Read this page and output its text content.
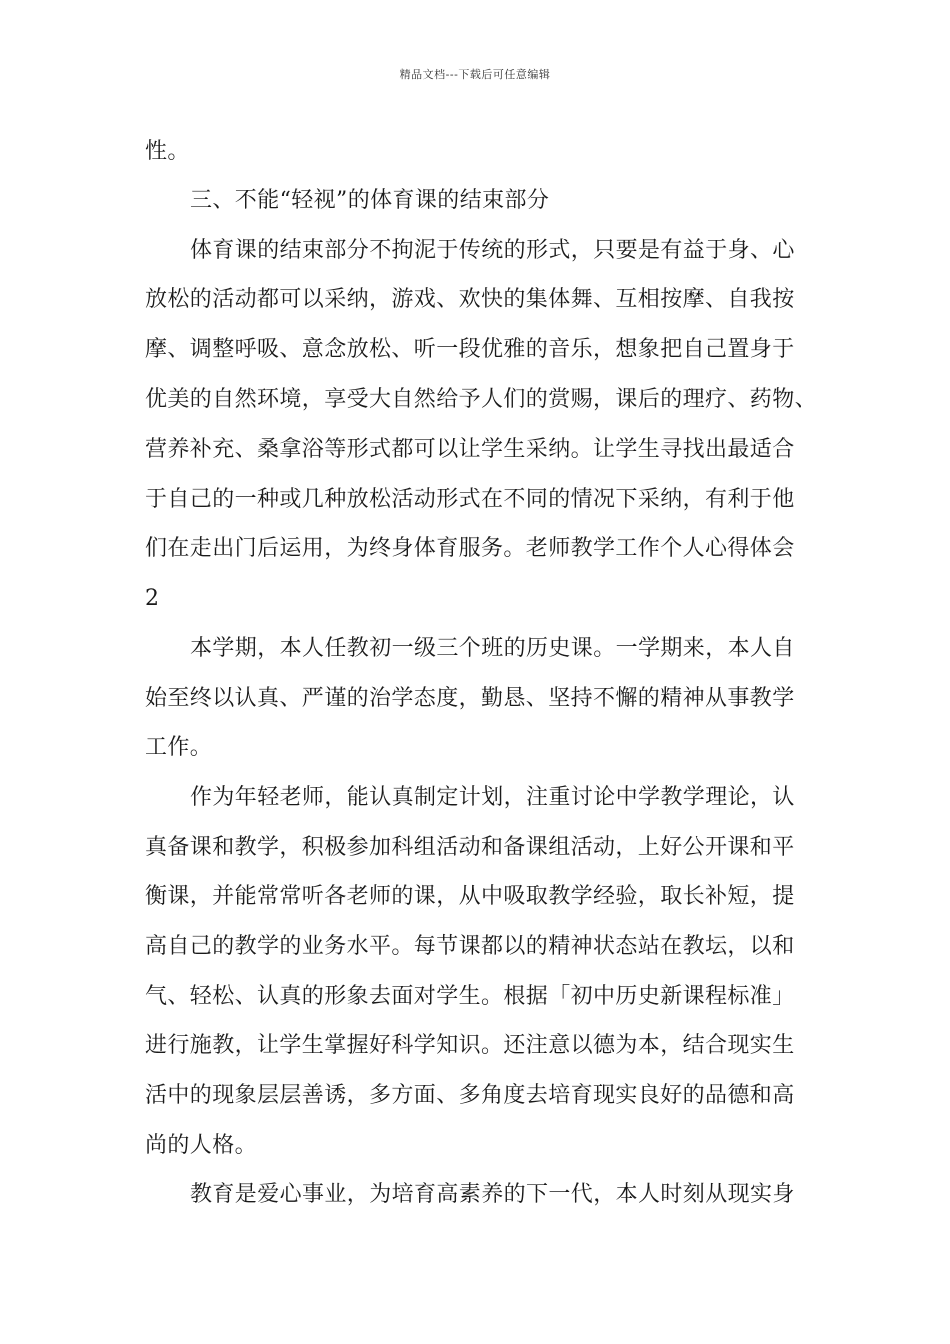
精品文档---下载后可任意编辑
性。
三、不能“轻视”的体育课的结束部分
体育课的结束部分不拘泥于传统的形式，只要是有益于身、心
放松的活动都可以采纳，游戏、欢快的集体舞、互相按摩、自我按
摩、调整呼吸、意念放松、听一段优雅的音乐，想象把自己置身于
优美的自然环境，享受大自然给予人们的赏赐，课后的理疗、药物、
营养补充、桑拿浴等形式都可以让学生采纳。让学生寻找出最适合
于自己的一种或几种放松活动形式在不同的情况下采纳，有利于他
们在走出门后运用，为终身体育服务。老师教学工作个人心得体会
2
本学期，本人任教初一级三个班的历史课。一学期来，本人自
始至终以认真、严谨的治学态度，勤恳、坚持不懈的精神从事教学
工作。
作为年轻老师，能认真制定计划，注重讨论中学教学理论，认
真备课和教学，积极参加科组活动和备课组活动，上好公开课和平
衡课，并能常常听各老师的课，从中吸取教学经验，取长补短，提
高自己的教学的业务水平。每节课都以的精神状态站在教坛，以和
气、轻松、认真的形象去面对学生。根据「初中历史新课程标准」
进行施教，让学生掌握好科学知识。还注意以德为本，结合现实生
活中的现象层层善诱，多方面、多角度去培育现实良好的品德和高
尚的人格。
教育是爱心事业，为培育高素养的下一代，本人时刻从现实身
